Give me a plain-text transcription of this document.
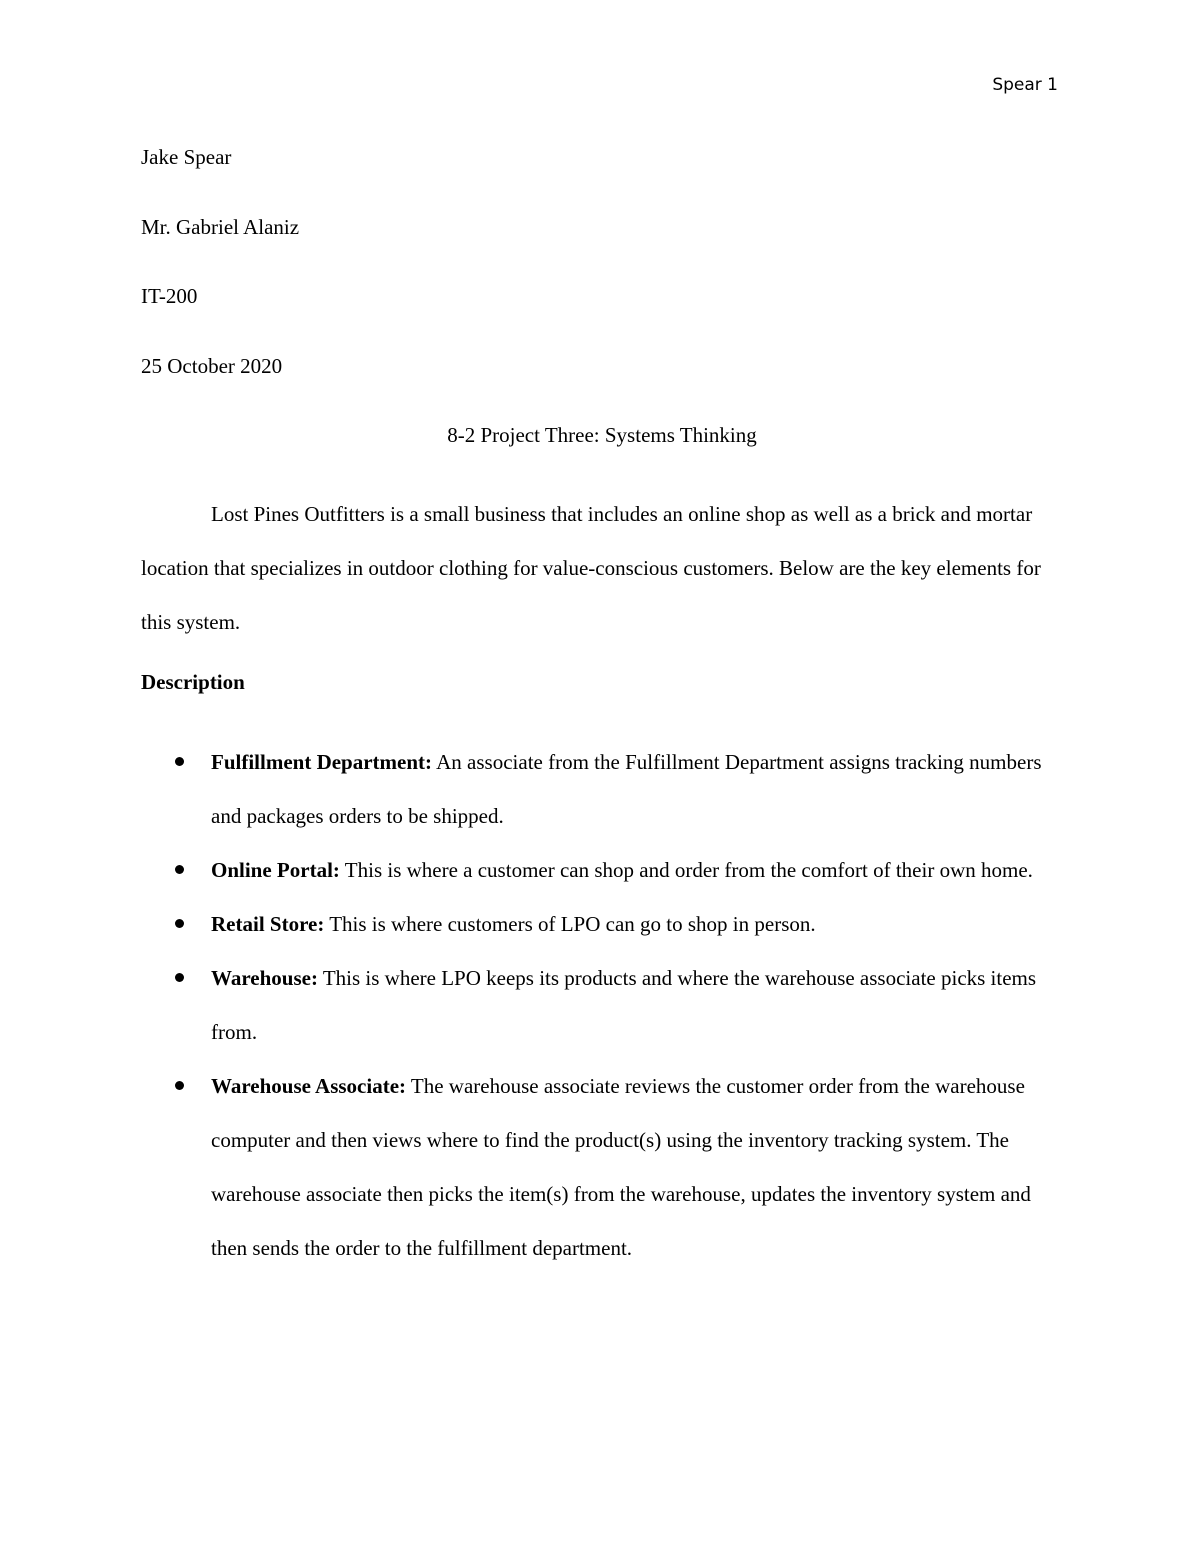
Spear 1
Jake Spear
Mr. Gabriel Alaniz
IT-200
25 October 2020
8-2 Project Three: Systems Thinking

Lost Pines Outfitters is a small business that includes an online shop as well as a brick and mortar location that specializes in outdoor clothing for value-conscious customers. Below are the key elements for this system.

Description
Fulfillment Department: An associate from the Fulfillment Department assigns tracking numbers and packages orders to be shipped.
Online Portal: This is where a customer can shop and order from the comfort of their own home.
Retail Store: This is where customers of LPO can go to shop in person.
Warehouse: This is where LPO keeps its products and where the warehouse associate picks items from.
Warehouse Associate: The warehouse associate reviews the customer order from the warehouse computer and then views where to find the product(s) using the inventory tracking system. The warehouse associate then picks the item(s) from the warehouse, updates the inventory system and then sends the order to the fulfillment department.
